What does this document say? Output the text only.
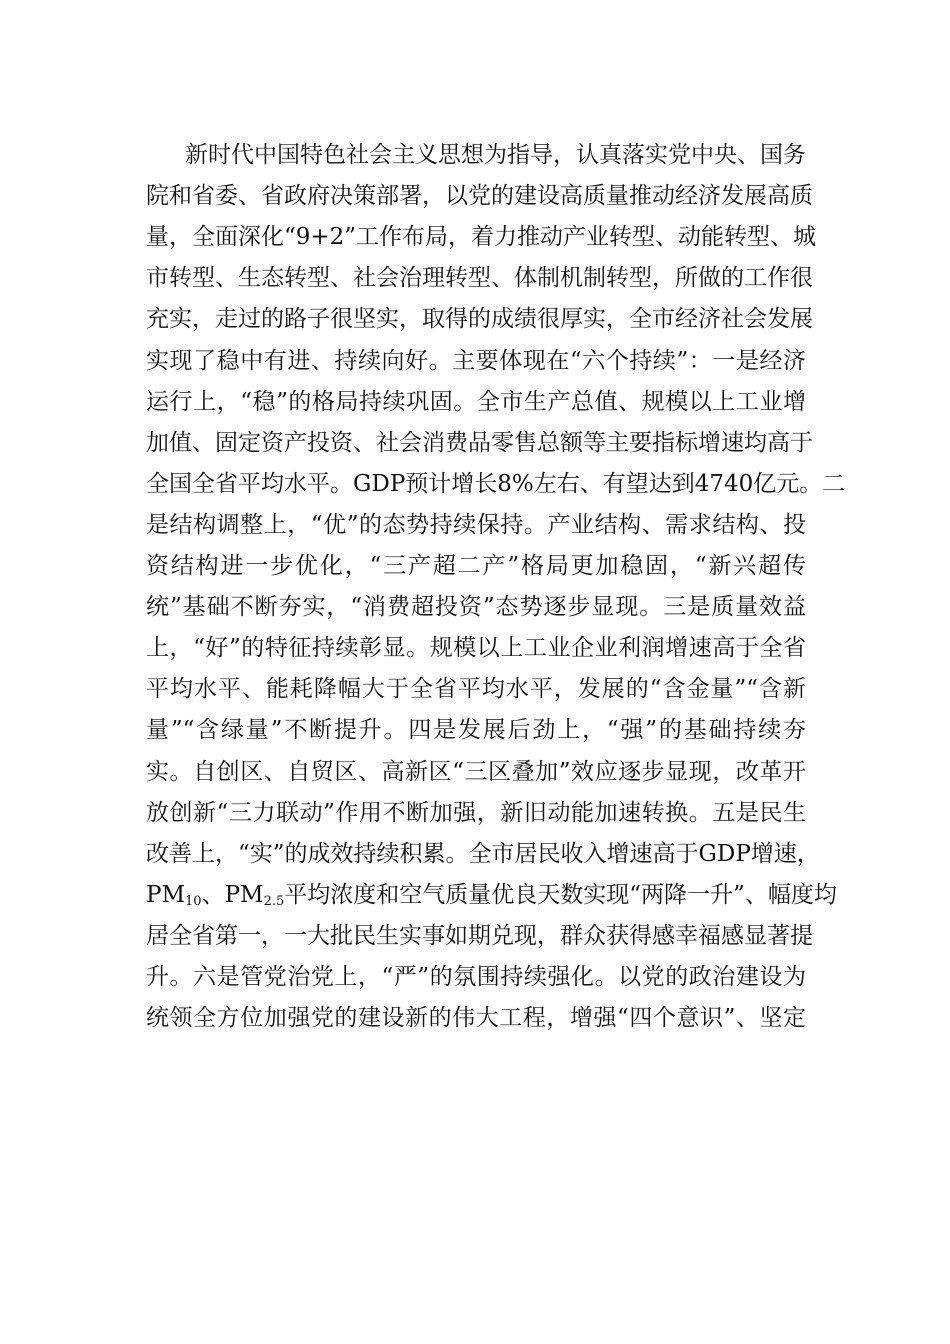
新时代中国特色社会主义思想为指导，认真落实党中央、国务
院和省委、省政府决策部署，以党的建设高质量推动经济发展高质
量，全面深化“9+2”工作布局，着力推动产业转型、动能转型、城
市转型、生态转型、社会治理转型、体制机制转型，所做的工作很
充实，走过的路子很坚实，取得的成绩很厚实，全市经济社会发展
实现了稳中有进、持续向好。主要体现在“六个持续”：一是经济
运行上，“稳”的格局持续巩固。全市生产总值、规模以上工业增
加值、固定资产投资、社会消费品零售总额等主要指标增速均高于
全国全省平均水平。GDP预计增长8%左右、有望达到4740亿元。二
是结构调整上，“优”的态势持续保持。产业结构、需求结构、投
资结构进一步优化，“三产超二产”格局更加稳固，“新兴超传
统”基础不断夯实，“消费超投资”态势逐步显现。三是质量效益
上，“好”的特征持续彰显。规模以上工业企业利润增速高于全省
平均水平、能耗降幅大于全省平均水平，发展的“含金量”“含新
量”“含绿量”不断提升。四是发展后劲上，“强”的基础持续夯
实。自创区、自贸区、高新区“三区叠加”效应逐步显现，改革开
放创新“三力联动”作用不断加强，新旧动能加速转换。五是民生
改善上，“实”的成效持续积累。全市居民收入增速高于GDP增速，
$PM_{10}$、$PM_{2.5}$平均浓度和空气质量优良天数实现“两降一升”、幅度均
居全省第一，一大批民生实事如期兑现，群众获得感幸福感显著提
升。六是管党治党上，“严”的氛围持续强化。以党的政治建设为
统领全方位加强党的建设新的伟大工程，增强“四个意识”、坚定
